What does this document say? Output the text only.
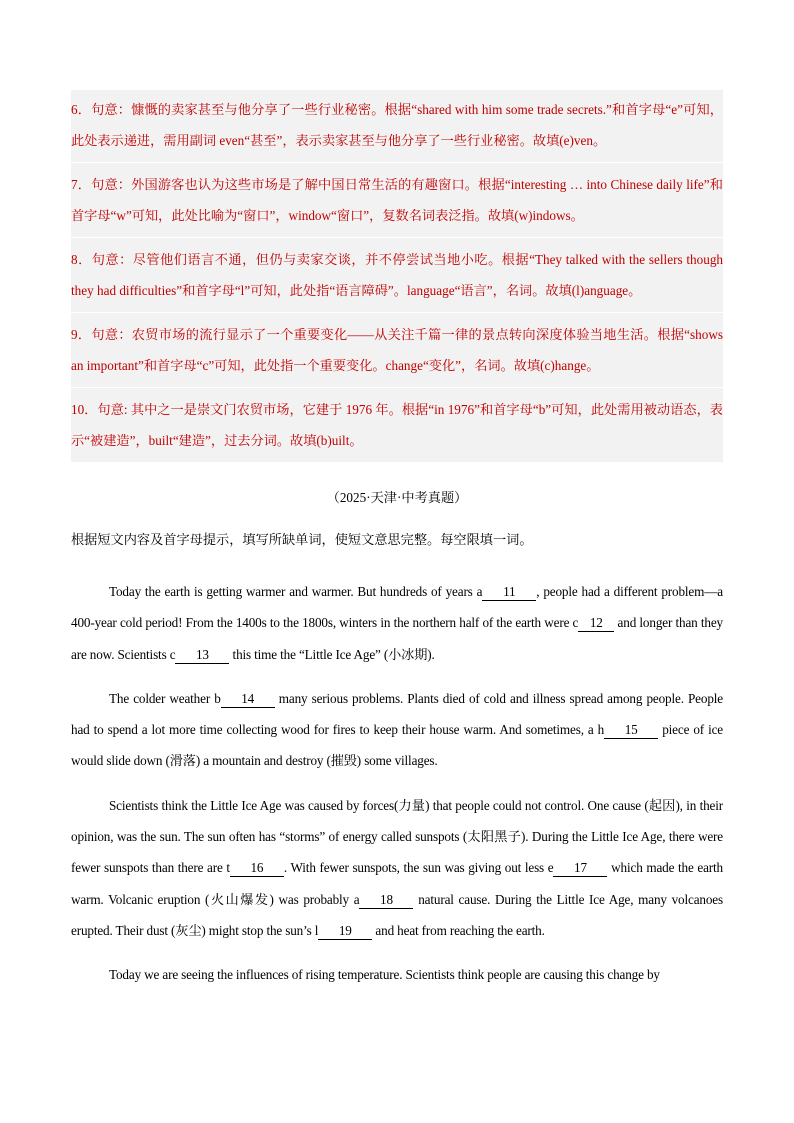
6．句意：慷慨的卖家甚至与他分享了一些行业秘密。根据“shared with him some trade secrets.”和首字母“e”可知，此处表示递进，需用副词 even“甚至”，表示卖家甚至与他分享了一些行业秘密。故填(e)ven。

7．句意：外国游客也认为这些市场是了解中国日常生活的有趣窗口。根据“interesting … into Chinese daily life”和首字母“w”可知，此处比喻为“窗口”，window“窗口”，复数名词表泛指。故填(w)indows。

8．句意：尽管他们语言不通，但仍与卖家交谈，并不停尝试当地小吃。根据“They talked with the sellers though they had difficulties”和首字母“l”可知，此处指“语言障碍”。language“语言”，名词。故填(l)anguage。

9．句意：农贸市场的流行显示了一个重要变化——从关注千篇一律的景点转向深度体验当地生活。根据“shows an important”和首字母“c”可知，此处指一个重要变化。change“变化”，名词。故填(c)hange。

10．句意: 其中之一是崇文门农贸市场，它建于 1976 年。根据“in 1976”和首字母“b”可知，此处需用被动语态，表示“被建造”，built“建造”，过去分词。故填(b)uilt。

（2025·天津·中考真题）
根据短文内容及首字母提示，填写所缺单词，使短文意思完整。每空限填一词。

Today the earth is getting warmer and warmer. But hundreds of years a 11 , people had a different problem—a 400-year cold period! From the 1400s to the 1800s, winters in the northern half of the earth were c 12 and longer than they are now. Scientists c 13 this time the “Little Ice Age” (小冰期).

The colder weather b 14 many serious problems. Plants died of cold and illness spread among people. People had to spend a lot more time collecting wood for fires to keep their house warm. And sometimes, a h 15 piece of ice would slide down (滑落) a mountain and destroy (摧毁) some villages.

Scientists think the Little Ice Age was caused by forces(力量) that people could not control. One cause (起因), in their opinion, was the sun. The sun often has “storms” of energy called sunspots (太阳黑子). During the Little Ice Age, there were fewer sunspots than there are t 16 . With fewer sunspots, the sun was giving out less e 17 which made the earth warm. Volcanic eruption (火山爆发) was probably a 18 natural cause. During the Little Ice Age, many volcanoes erupted. Their dust (灰尘) might stop the sun’s l 19 and heat from reaching the earth.

Today we are seeing the influences of rising temperature. Scientists think people are causing this change by
